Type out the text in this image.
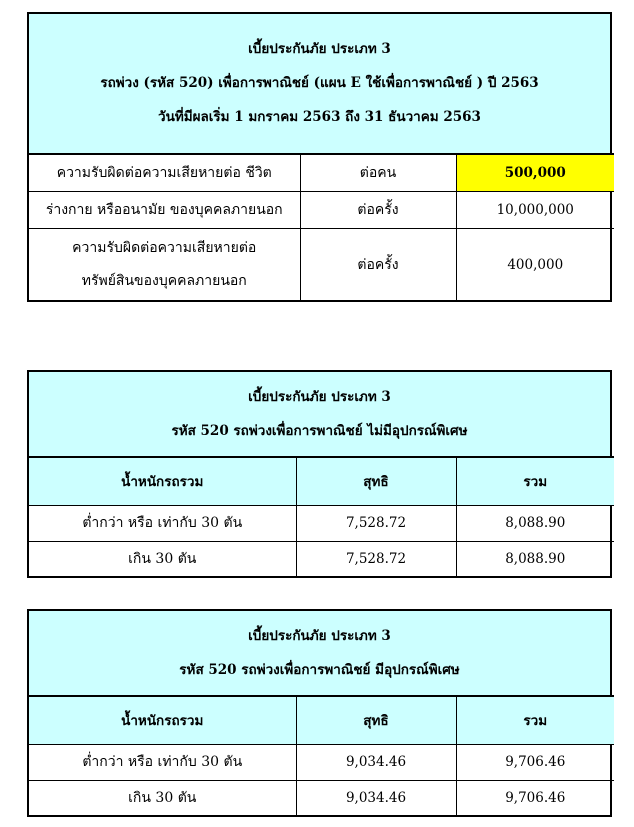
เบี้ยประกันภัย ประเภท 3
รถพ่วง (รหัส 520) เพื่อการพาณิชย์ (แผน E ใช้เพื่อการพาณิชย์ ) ปี 2563
วันที่มีผลเริ่ม 1 มกราคม 2563 ถึง 31 ธันวาคม 2563
ความรับผิดต่อความเสียหายต่อ ชีวิต	ต่อคน	500,000
ร่างกาย หรืออนามัย ของบุคคลภายนอก	ต่อครั้ง	10,000,000

ความรับผิดต่อความเสียหายต่อ
ทรัพย์สินของบุคคลภายนอก	ต่อครั้ง	400,000
เบี้ยประกันภัย ประเภท 3
รหัส 520 รถพ่วงเพื่อการพาณิชย์ ไม่มีอุปกรณ์พิเศษ
น้ำหนักรถรวม	สุทธิ	รวม
ต่ำกว่า หรือ เท่ากับ 30 ตัน	7,528.72	8,088.90
เกิน 30 ตัน	7,528.72	8,088.90
เบี้ยประกันภัย ประเภท 3
รหัส 520 รถพ่วงเพื่อการพาณิชย์ มีอุปกรณ์พิเศษ
น้ำหนักรถรวม	สุทธิ	รวม
ต่ำกว่า หรือ เท่ากับ 30 ตัน	9,034.46	9,706.46
เกิน 30 ตัน	9,034.46	9,706.46
